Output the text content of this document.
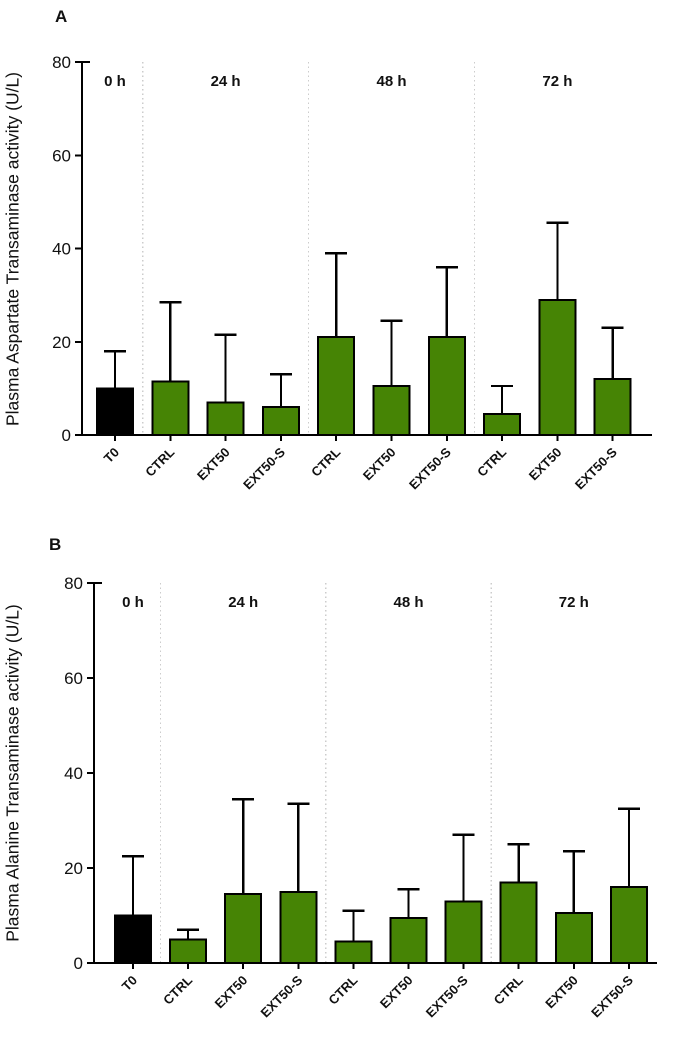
A
Plasma Aspartate Transaminase activity (U/L)
T0 CTRL EXT50 EXT50-S CTRL EXT50 EXT50-S CTRL EXT50 EXT50-S
0 h	24 h	48 h	72 h
0
20
40
60
80
B
Plasma Alanine Transaminase activity (U/L)
T0 CTRL EXT50 EXT50-S CTRL EXT50 EXT50-S CTRL EXT50 EXT50-S
0 h	24 h	48 h	72 h
0
20
40
60
80
